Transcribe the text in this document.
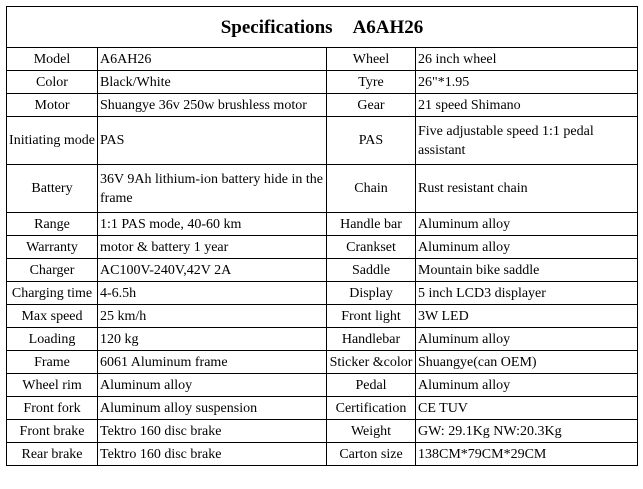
Specifications A6AH26			
Model	A6AH26	Wheel	26 inch wheel
Color	Black/White	Tyre	26"*1.95
Motor	Shuangye 36v 250w brushless motor	Gear	21 speed Shimano
Initiating mode	PAS	PAS	Five adjustable speed 1:1 pedal assistant
Battery	36V 9Ah lithium-ion battery hide in the frame	Chain	Rust resistant chain
Range	1:1 PAS mode, 40-60 km	Handle bar	Aluminum alloy
Warranty	motor & battery 1 year	Crankset	Aluminum alloy
Charger	AC100V-240V,42V 2A	Saddle	Mountain bike saddle
Charging time	4-6.5h	Display	5 inch LCD3 displayer
Max speed	25 km/h	Front light	3W LED
Loading	120 kg	Handlebar	Aluminum alloy
Frame	6061 Aluminum frame	Sticker &color	Shuangye(can OEM)
Wheel rim	Aluminum alloy	Pedal	Aluminum alloy
Front fork	Aluminum alloy suspension	Certification	CE TUV
Front brake	Tektro 160 disc brake	Weight	GW: 29.1Kg NW:20.3Kg
Rear brake	Tektro 160 disc brake	Carton size	138CM*79CM*29CM
